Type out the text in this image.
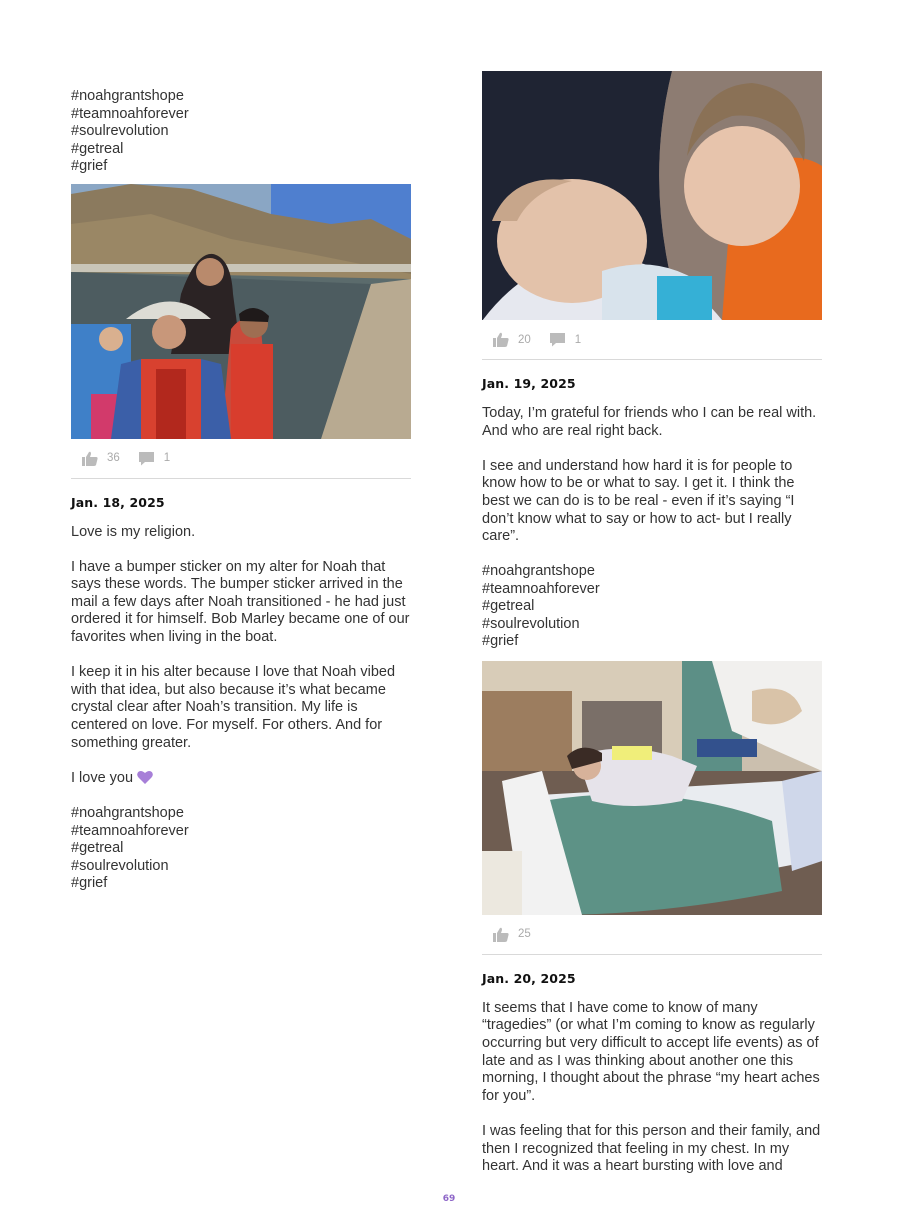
#noahgrantshope
#teamnoahforever
#soulrevolution
#getreal
#grief
36	1
Jan. 18, 2025

Love is my religion.

I have a bumper sticker on my alter for Noah that says these words. The bumper sticker arrived in the mail a few days after Noah transitioned - he had just ordered it for himself. Bob Marley became one of our favorites when living in the boat.

I keep it in his alter because I love that Noah vibed with that idea, but also because it’s what became crystal clear after Noah’s transition. My life is centered on love. For myself. For others. And for something greater.

I love you

#noahgrantshope
#teamnoahforever
#getreal
#soulrevolution
#grief
20	1
Jan. 19, 2025

Today, I’m grateful for friends who I can be real with. And who are real right back.

I see and understand how hard it is for people to know how to be or what to say. I get it. I think the best we can do is to be real - even if it’s saying “I don’t know what to say or how to act- but I really care”.

#noahgrantshope
#teamnoahforever
#getreal
#soulrevolution
#grief
25
Jan. 20, 2025

It seems that I have come to know of many “tragedies” (or what I’m coming to know as regularly occurring but very difficult to accept life events) as of late and as I was thinking about another one this morning, I thought about the phrase “my heart aches for you”.

I was feeling that for this person and their family, and then I recognized that feeling in my chest. In my heart. And it was a heart bursting with love and

69
